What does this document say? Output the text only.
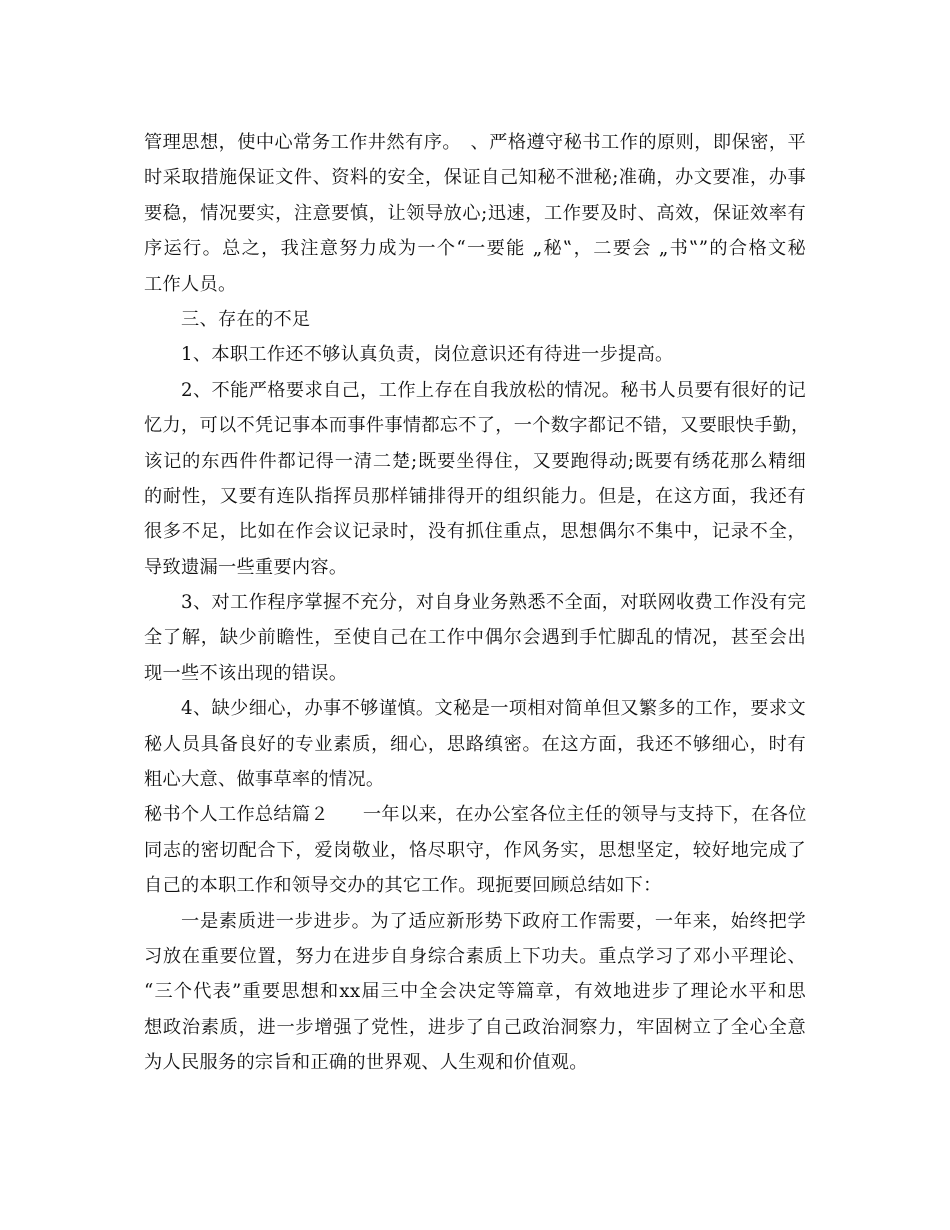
管理思想，使中心常务工作井然有序。　、严格遵守秘书工作的原则，即保密，平
时采取措施保证文件、资料的安全，保证自己知秘不泄秘;准确，办文要准，办事
要稳，情况要实，注意要慎，让领导放心;迅速，工作要及时、高效，保证效率有
序运行。总之，我注意努力成为一个“一要能 „秘‟，二要会 „书‟”的合格文秘
工作人员。
三、存在的不足
1、本职工作还不够认真负责，岗位意识还有待进一步提高。
2、不能严格要求自己，工作上存在自我放松的情况。秘书人员要有很好的记
忆力，可以不凭记事本而事件事情都忘不了，一个数字都记不错，又要眼快手勤，
该记的东西件件都记得一清二楚;既要坐得住，又要跑得动;既要有绣花那么精细
的耐性，又要有连队指挥员那样铺排得开的组织能力。但是，在这方面，我还有
很多不足，比如在作会议记录时，没有抓住重点，思想偶尔不集中，记录不全，
导致遗漏一些重要内容。
3、对工作程序掌握不充分，对自身业务熟悉不全面，对联网收费工作没有完
全了解，缺少前瞻性，至使自己在工作中偶尔会遇到手忙脚乱的情况，甚至会出
现一些不该出现的错误。
4、缺少细心，办事不够谨慎。文秘是一项相对简单但又繁多的工作，要求文
秘人员具备良好的专业素质，细心，思路缜密。在这方面，我还不够细心，时有
粗心大意、做事草率的情况。
秘书个人工作总结篇２ 一年以来，在办公室各位主任的领导与支持下，在各位
同志的密切配合下，爱岗敬业，恪尽职守，作风务实，思想坚定，较好地完成了
自己的本职工作和领导交办的其它工作。现扼要回顾总结如下：
一是素质进一步进步。为了适应新形势下政府工作需要，一年来，始终把学
习放在重要位置，努力在进步自身综合素质上下功夫。重点学习了邓小平理论、
“三个代表”重要思想和xx届三中全会决定等篇章，有效地进步了理论水平和思
想政治素质，进一步增强了党性，进步了自己政治洞察力，牢固树立了全心全意
为人民服务的宗旨和正确的世界观、人生观和价值观。
